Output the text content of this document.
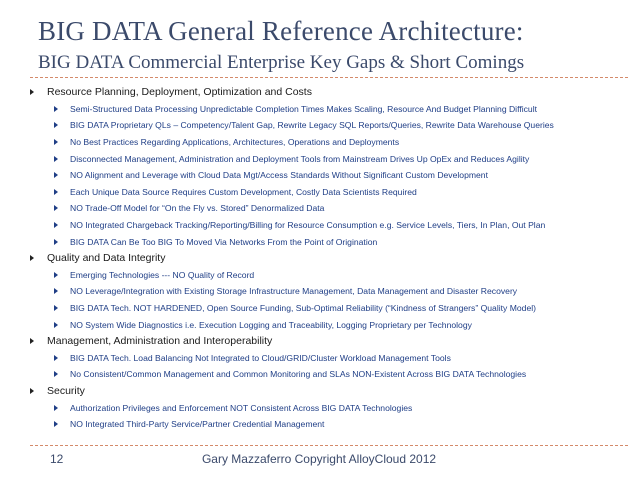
BIG DATA General Reference Architecture:
BIG DATA Commercial Enterprise Key Gaps & Short Comings
Resource Planning, Deployment, Optimization and Costs
Semi-Structured Data Processing Unpredictable Completion Times Makes Scaling, Resource And Budget Planning Difficult
BIG DATA Proprietary QLs – Competency/Talent Gap, Rewrite Legacy SQL Reports/Queries, Rewrite Data Warehouse Queries
No Best Practices Regarding Applications, Architectures, Operations and Deployments
Disconnected Management, Administration and Deployment Tools from Mainstream Drives Up OpEx and Reduces Agility
NO Alignment and Leverage with Cloud Data Mgt/Access Standards Without Significant Custom Development
Each Unique Data Source Requires Custom Development, Costly Data Scientists Required
NO Trade-Off Model for “On the Fly vs. Stored” Denormalized Data
NO Integrated Chargeback Tracking/Reporting/Billing for Resource Consumption e.g. Service Levels, Tiers, In Plan, Out Plan
BIG DATA Can Be Too BIG To Moved Via Networks From the Point of Origination
Quality and Data Integrity
Emerging Technologies --- NO Quality of Record
NO Leverage/Integration with Existing Storage Infrastructure Management, Data Management and Disaster Recovery
BIG DATA Tech. NOT HARDENED, Open Source Funding, Sub-Optimal Reliability (“Kindness of Strangers” Quality Model)
NO System Wide Diagnostics i.e. Execution Logging and Traceability, Logging Proprietary per Technology
Management, Administration and Interoperability
BIG DATA Tech. Load Balancing Not Integrated to Cloud/GRID/Cluster Workload Management Tools
No Consistent/Common Management and Common Monitoring and SLAs NON-Existent Across BIG DATA Technologies
Security
Authorization Privileges and Enforcement NOT Consistent Across BIG DATA Technologies
NO Integrated Third-Party Service/Partner Credential Management
12	Gary Mazzaferro Copyright AlloyCloud 2012
